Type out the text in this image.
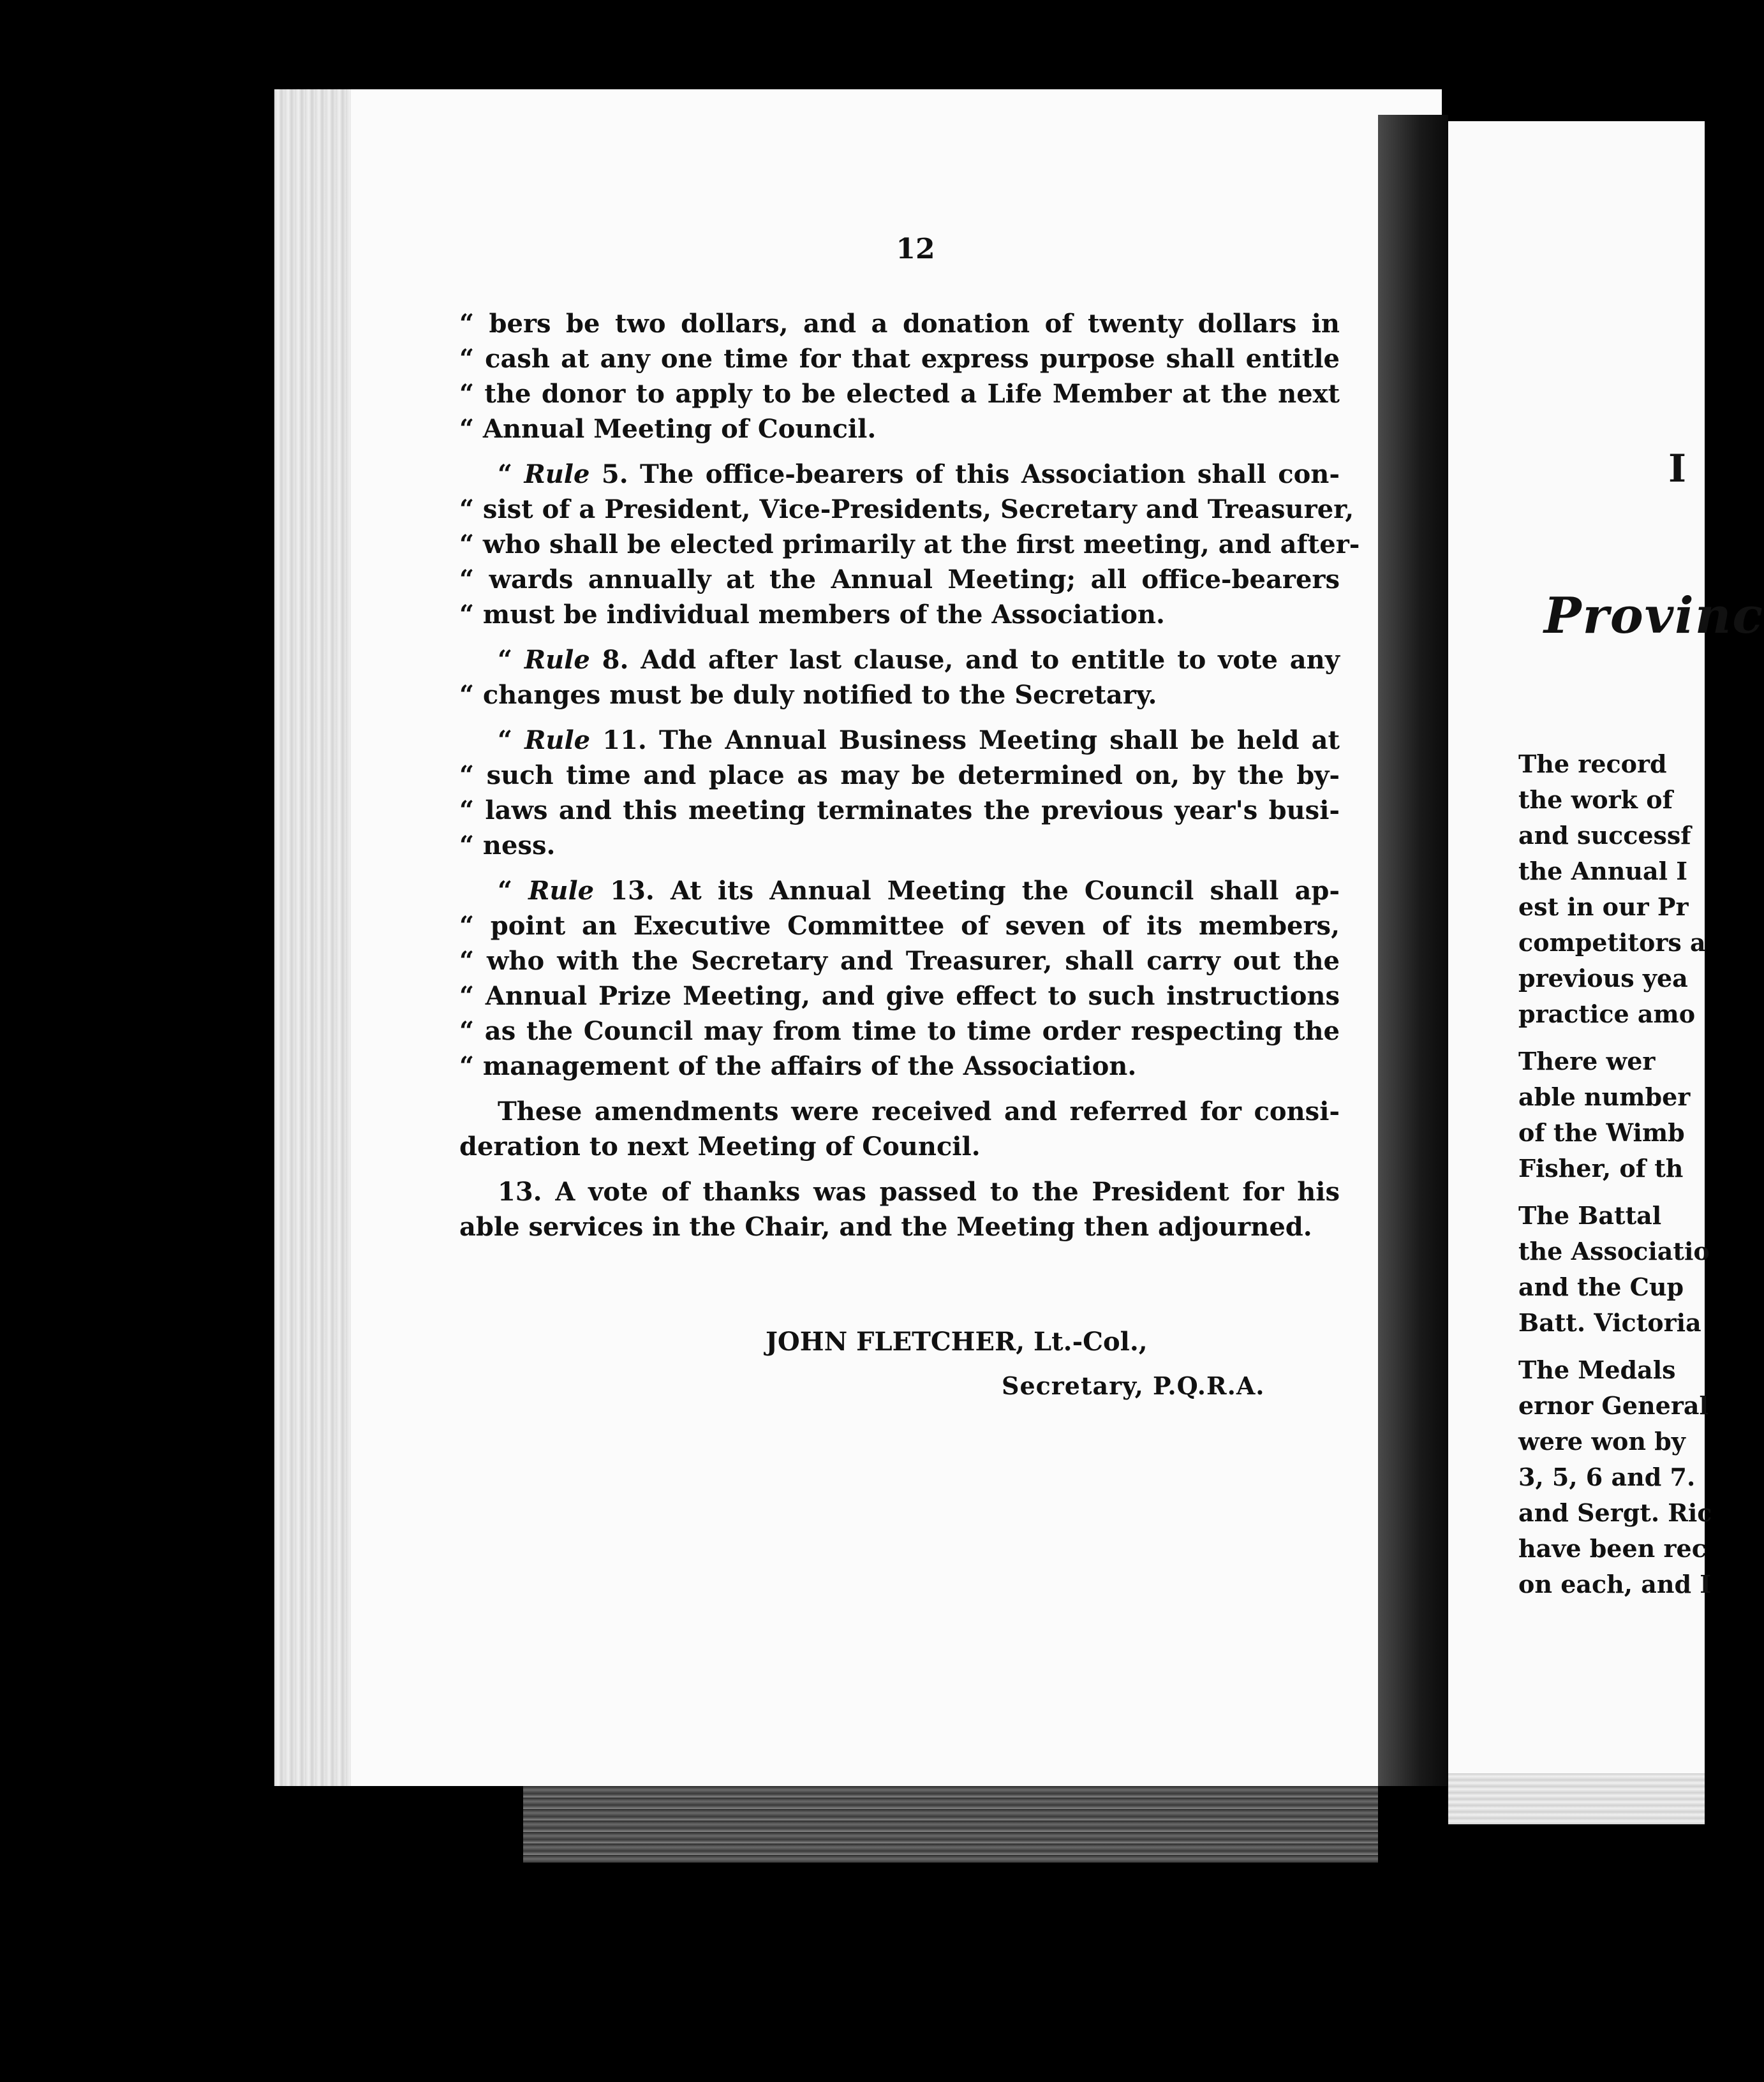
12

“ bers be two dollars, and a donation of twenty dollars in
“ cash at any one time for that express purpose shall entitle
“ the donor to apply to be elected a Life Member at the next
“ Annual Meeting of Council.

“ Rule 5. The office-bearers of this Association shall con-
“ sist of a President, Vice-Presidents, Secretary and Treasurer,
“ who shall be elected primarily at the first meeting, and after-
“ wards annually at the Annual Meeting; all office-bearers
“ must be individual members of the Association.

“ Rule 8. Add after last clause, and to entitle to vote any
“ changes must be duly notified to the Secretary.

“ Rule 11. The Annual Business Meeting shall be held at
“ such time and place as may be determined on, by the by-
“ laws and this meeting terminates the previous year's busi-
“ ness.

“ Rule 13. At its Annual Meeting the Council shall ap-
“ point an Executive Committee of seven of its members,
“ who with the Secretary and Treasurer, shall carry out the
“ Annual Prize Meeting, and give effect to such instructions
“ as the Council may from time to time order respecting the
“ management of the affairs of the Association.

These amendments were received and referred for consi-
deration to next Meeting of Council.

13. A vote of thanks was passed to the President for his
able services in the Chair, and the Meeting then adjourned.

JOHN FLETCHER, Lt.-Col.,
Secretary, P.Q.R.A.
I
Provinc
The record
the work of
and successf
the Annual I
est in our Pr
competitors a
previous yea
practice amo
There wer
able number
of the Wimb
Fisher, of th
The Battal
the Associatio
and the Cup
Batt. Victoria
The Medals
ernor General
were won by
3, 5, 6 and 7.
and Sergt. Ric
have been rec
on each, and I
